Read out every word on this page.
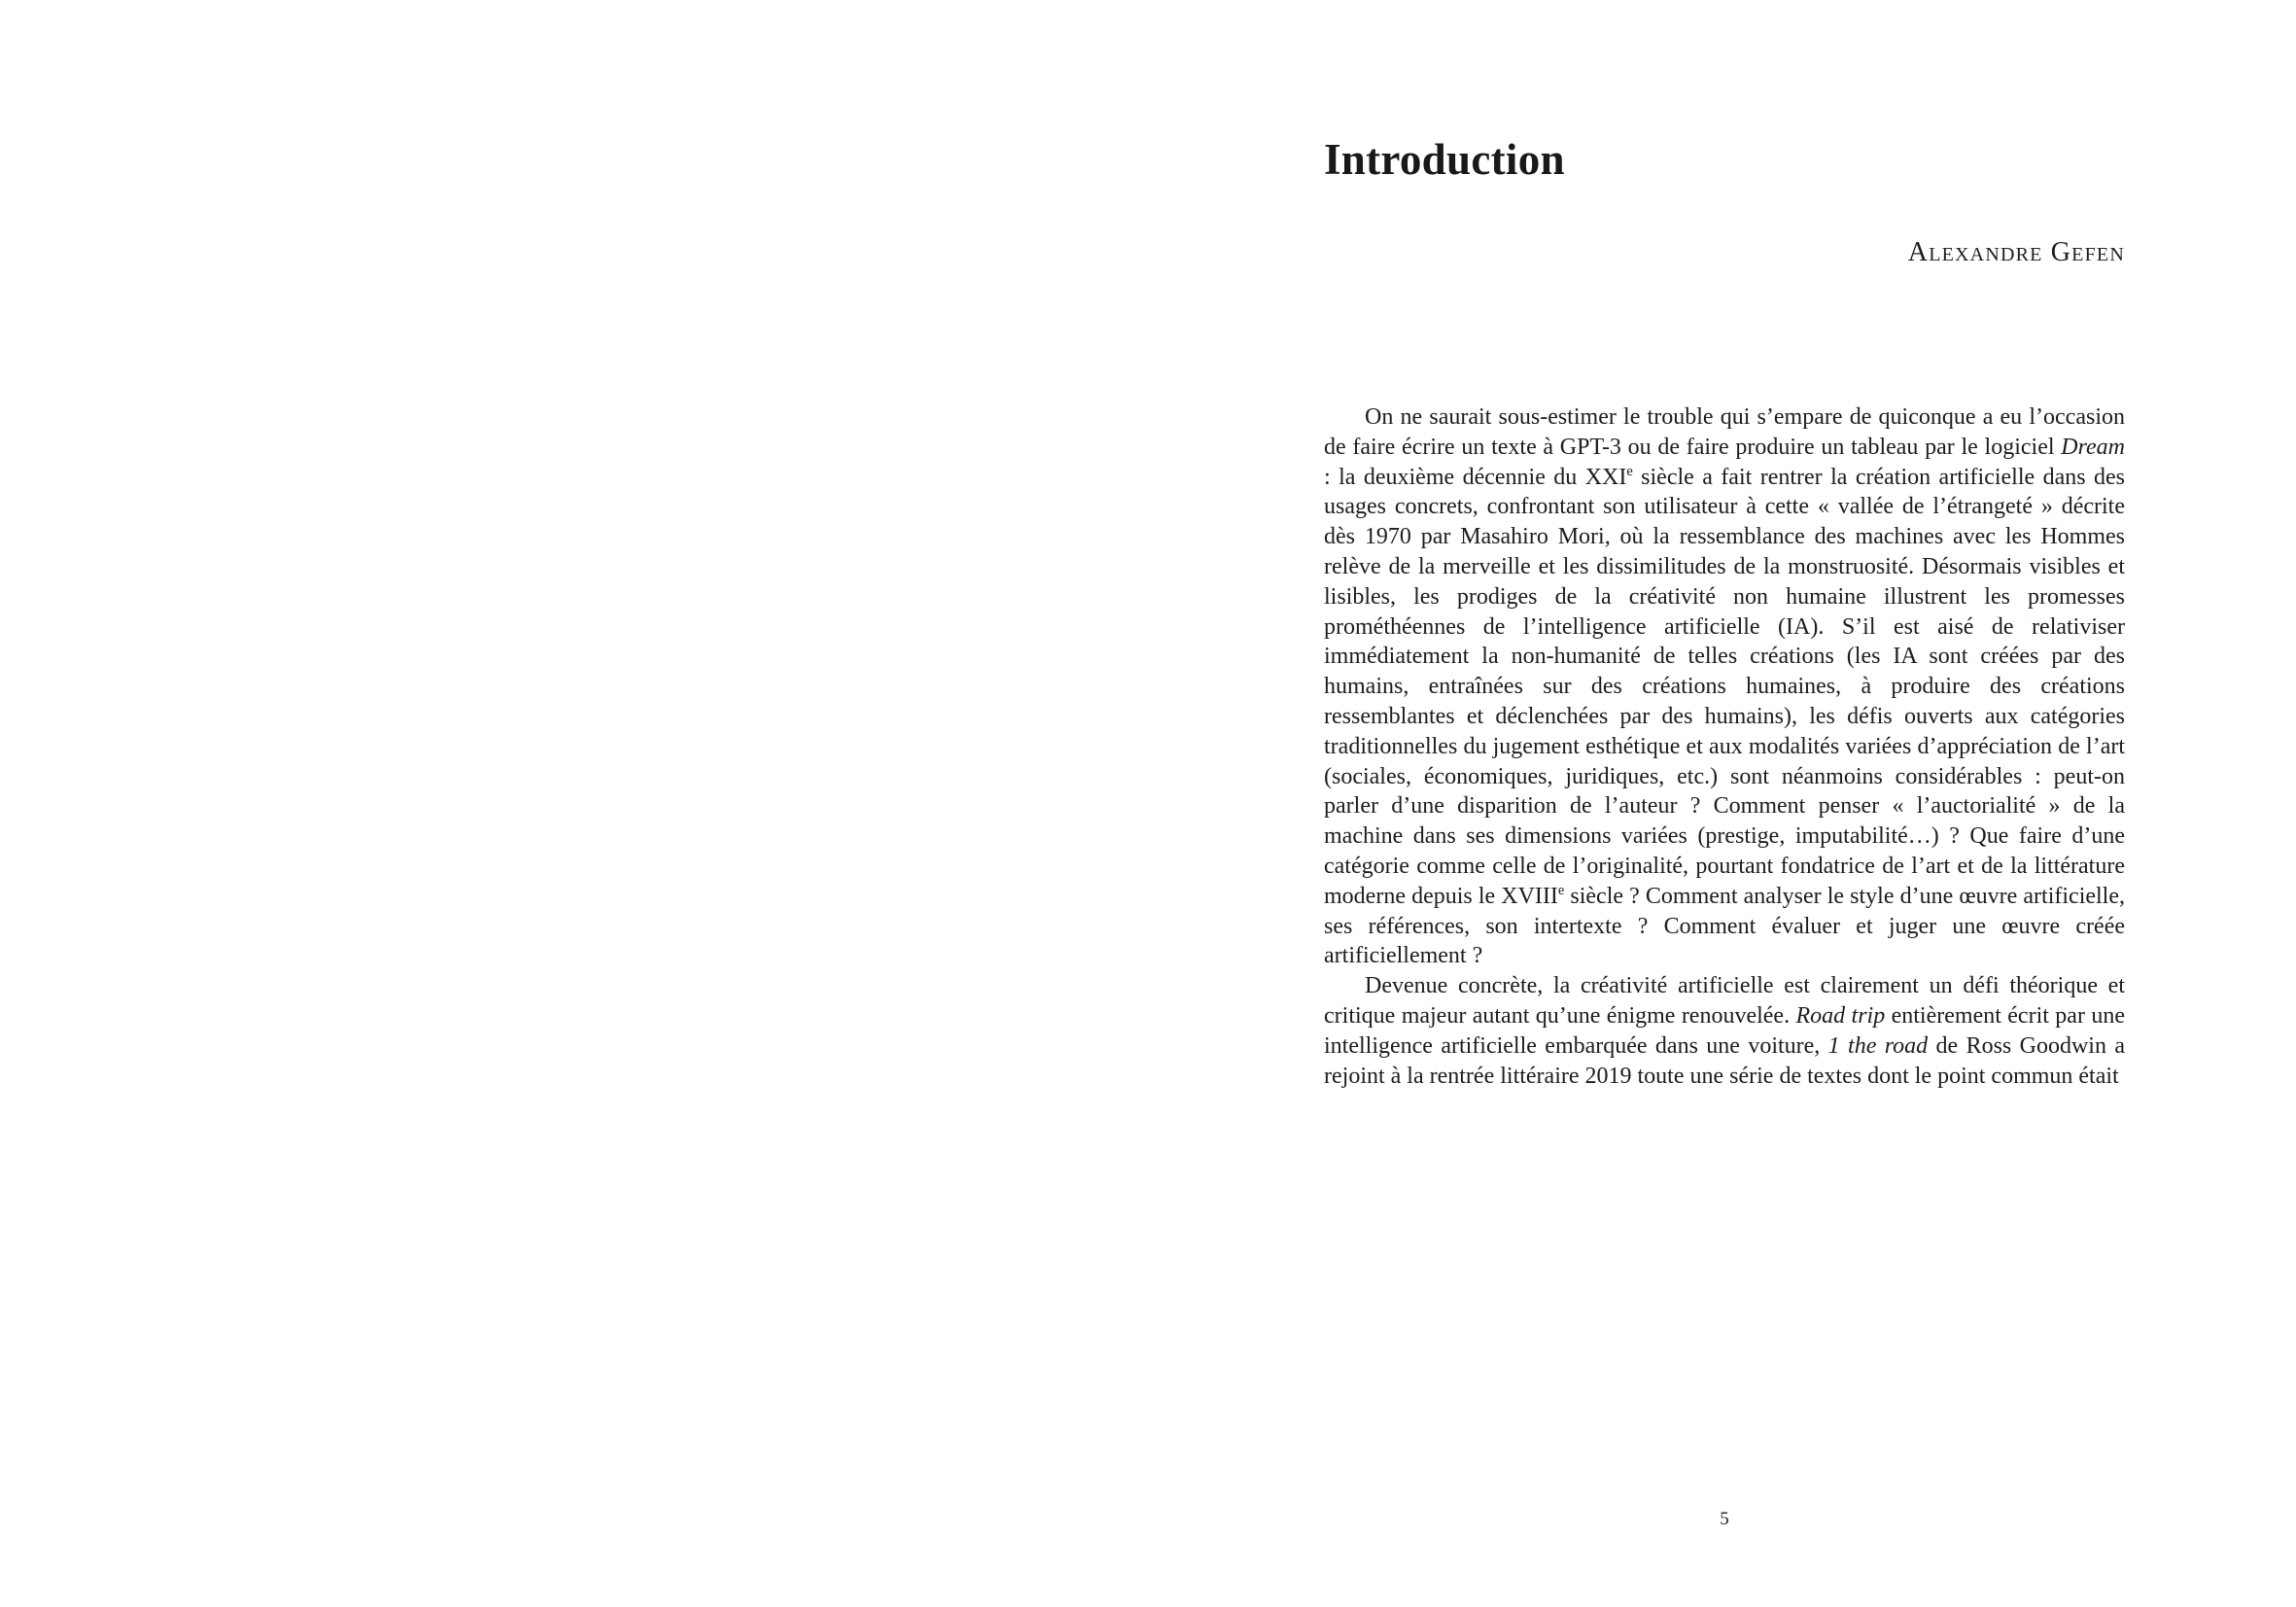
Introduction
Alexandre Gefen

On ne saurait sous-estimer le trouble qui s’empare de quiconque a eu l’occasion de faire écrire un texte à GPT-3 ou de faire produire un tableau par le logiciel Dream : la deuxième décennie du XXIe siècle a fait rentrer la création artificielle dans des usages concrets, confrontant son utilisateur à cette « vallée de l’étrangeté » décrite dès 1970 par Masahiro Mori, où la ressemblance des machines avec les Hommes relève de la merveille et les dissimilitudes de la monstruosité. Désormais visibles et lisibles, les prodiges de la créativité non humaine illustrent les promesses prométhéennes de l’intelligence artificielle (IA). S’il est aisé de relativiser immédiatement la non-humanité de telles créations (les IA sont créées par des humains, entraînées sur des créations humaines, à produire des créations ressemblantes et déclenchées par des humains), les défis ouverts aux catégories traditionnelles du jugement esthétique et aux modalités variées d’appréciation de l’art (sociales, économiques, juridiques, etc.) sont néanmoins considérables : peut-on parler d’une disparition de l’auteur ? Comment penser « l’auctorialité » de la machine dans ses dimensions variées (prestige, imputabilité…) ? Que faire d’une catégorie comme celle de l’originalité, pourtant fondatrice de l’art et de la littérature moderne depuis le XVIIIe siècle ? Comment analyser le style d’une œuvre artificielle, ses références, son intertexte ? Comment évaluer et juger une œuvre créée artificiellement ?

Devenue concrète, la créativité artificielle est clairement un défi théorique et critique majeur autant qu’une énigme renouvelée. Road trip entièrement écrit par une intelligence artificielle embarquée dans une voiture, 1 the road de Ross Goodwin a rejoint à la rentrée littéraire 2019 toute une série de textes dont le point commun était

5
